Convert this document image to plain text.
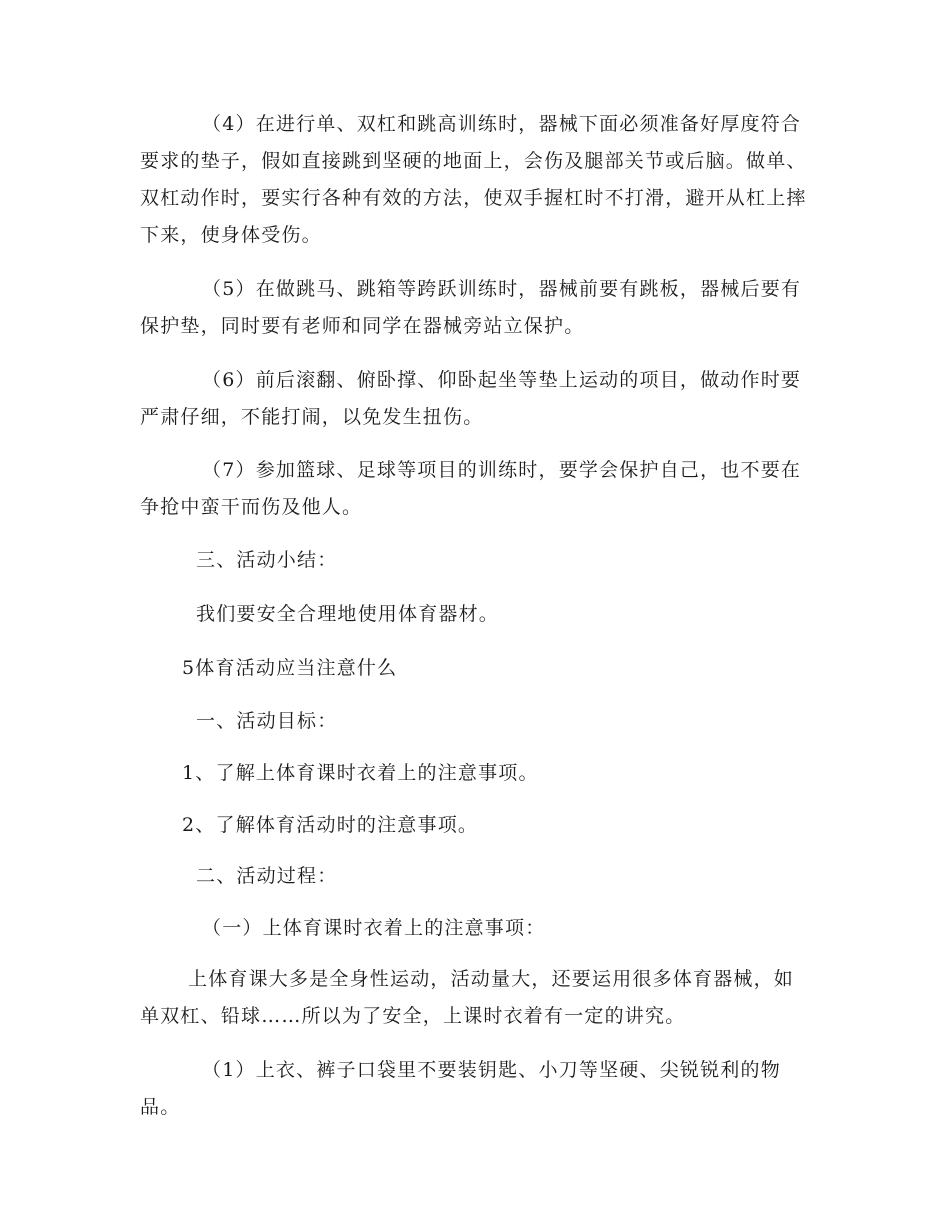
（4）在进行单、双杠和跳高训练时，器械下面必须准备好厚度符合要求的垫子，假如直接跳到坚硬的地面上，会伤及腿部关节或后脑。做单、双杠动作时，要实行各种有效的方法，使双手握杠时不打滑，避开从杠上摔下来，使身体受伤。

（5）在做跳马、跳箱等跨跃训练时，器械前要有跳板，器械后要有保护垫，同时要有老师和同学在器械旁站立保护。

（6）前后滚翻、俯卧撑、仰卧起坐等垫上运动的项目，做动作时要严肃仔细，不能打闹，以免发生扭伤。

（7）参加篮球、足球等项目的训练时，要学会保护自己，也不要在争抢中蛮干而伤及他人。

三、活动小结：

我们要安全合理地使用体育器材。

5体育活动应当注意什么

一、活动目标：

1、了解上体育课时衣着上的注意事项。

2、了解体育活动时的注意事项。

二、活动过程：

（一）上体育课时衣着上的注意事项：

上体育课大多是全身性运动，活动量大，还要运用很多体育器械，如单双杠、铅球……所以为了安全，上课时衣着有一定的讲究。

（1）上衣、裤子口袋里不要装钥匙、小刀等坚硬、尖锐锐利的物品。
